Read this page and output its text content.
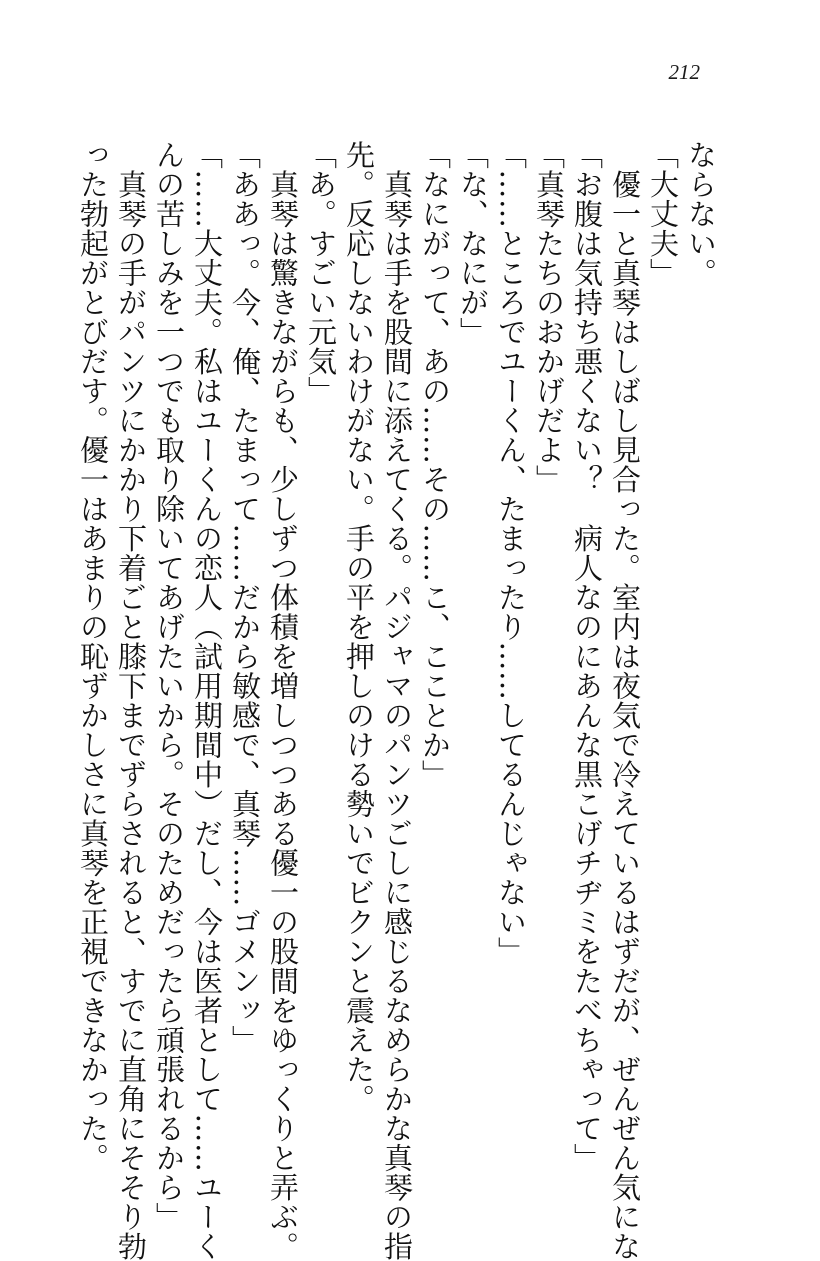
212
ならない。
「大丈夫」
　優一と真琴はしばし見合った。室内は夜気で冷えているはずだが、ぜんぜん気にな
「お腹は気持ち悪くない？　病人なのにあんな黒こげチヂミをたべちゃって」
「真琴たちのおかげだよ」
「……ところでユーくん、たまったり……してるんじゃない」
「な、なにが」
「なにがって、あの……その……こ、こことか」
　真琴は手を股間に添えてくる。パジャマのパンツごしに感じるなめらかな真琴の指
先。反応しないわけがない。手の平を押しのける勢いでビクンと震えた。
「あ。すごい元気」
　真琴は驚きながらも、少しずつ体積を増しつつある優一の股間をゆっくりと弄ぶ。
「ああっ。今、俺、たまって……だから敏感で、真琴……ゴメンッ」
「……大丈夫。私はユーくんの恋人（試用期間中）だし、今は医者として……ユーく
んの苦しみを一つでも取り除いてあげたいから。そのためだったら頑張れるから」
　真琴の手がパンツにかかり下着ごと膝下までずらされると、すでに直角にそそり勃
った勃起がとびだす。優一はあまりの恥ずかしさに真琴を正視できなかった。
